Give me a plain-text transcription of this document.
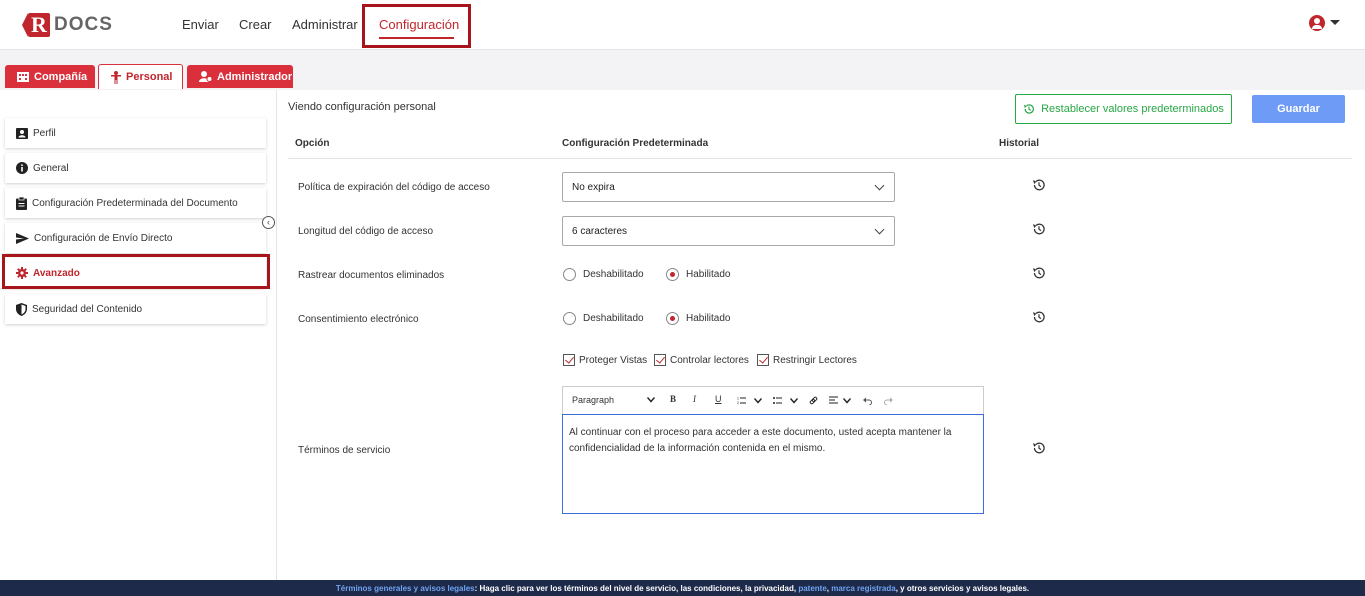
R DOCS	Enviar Crear Administrar Configuración
Compañía	Personal	Administrador
Perfil
General
Configuración Predeterminada del Documento
Configuración de Envío Directo
Avanzado
Seguridad del Contenido
‹
Viendo configuración personal	Restablecer valores predeterminados	Guardar
Opción	Configuración Predeterminada	Historial
Política de expiración del código de acceso	No expira
Longitud del código de acceso	6 caracteres
Rastrear documentos eliminados	Deshabilitado	Habilitado
Consentimiento electrónico	Deshabilitado	Habilitado
Proteger Vistas Controlar lectores Restringir Lectores
Términos de servicio
Paragraph	B I U	1
2
Al continuar con el proceso para acceder a este documento, usted acepta mantener la confidencialidad de la información contenida en el mismo.
Términos generales y avisos legales: Haga clic para ver los términos del nivel de servicio, las condiciones, la privacidad, patente, marca registrada, y otros servicios y avisos legales.
